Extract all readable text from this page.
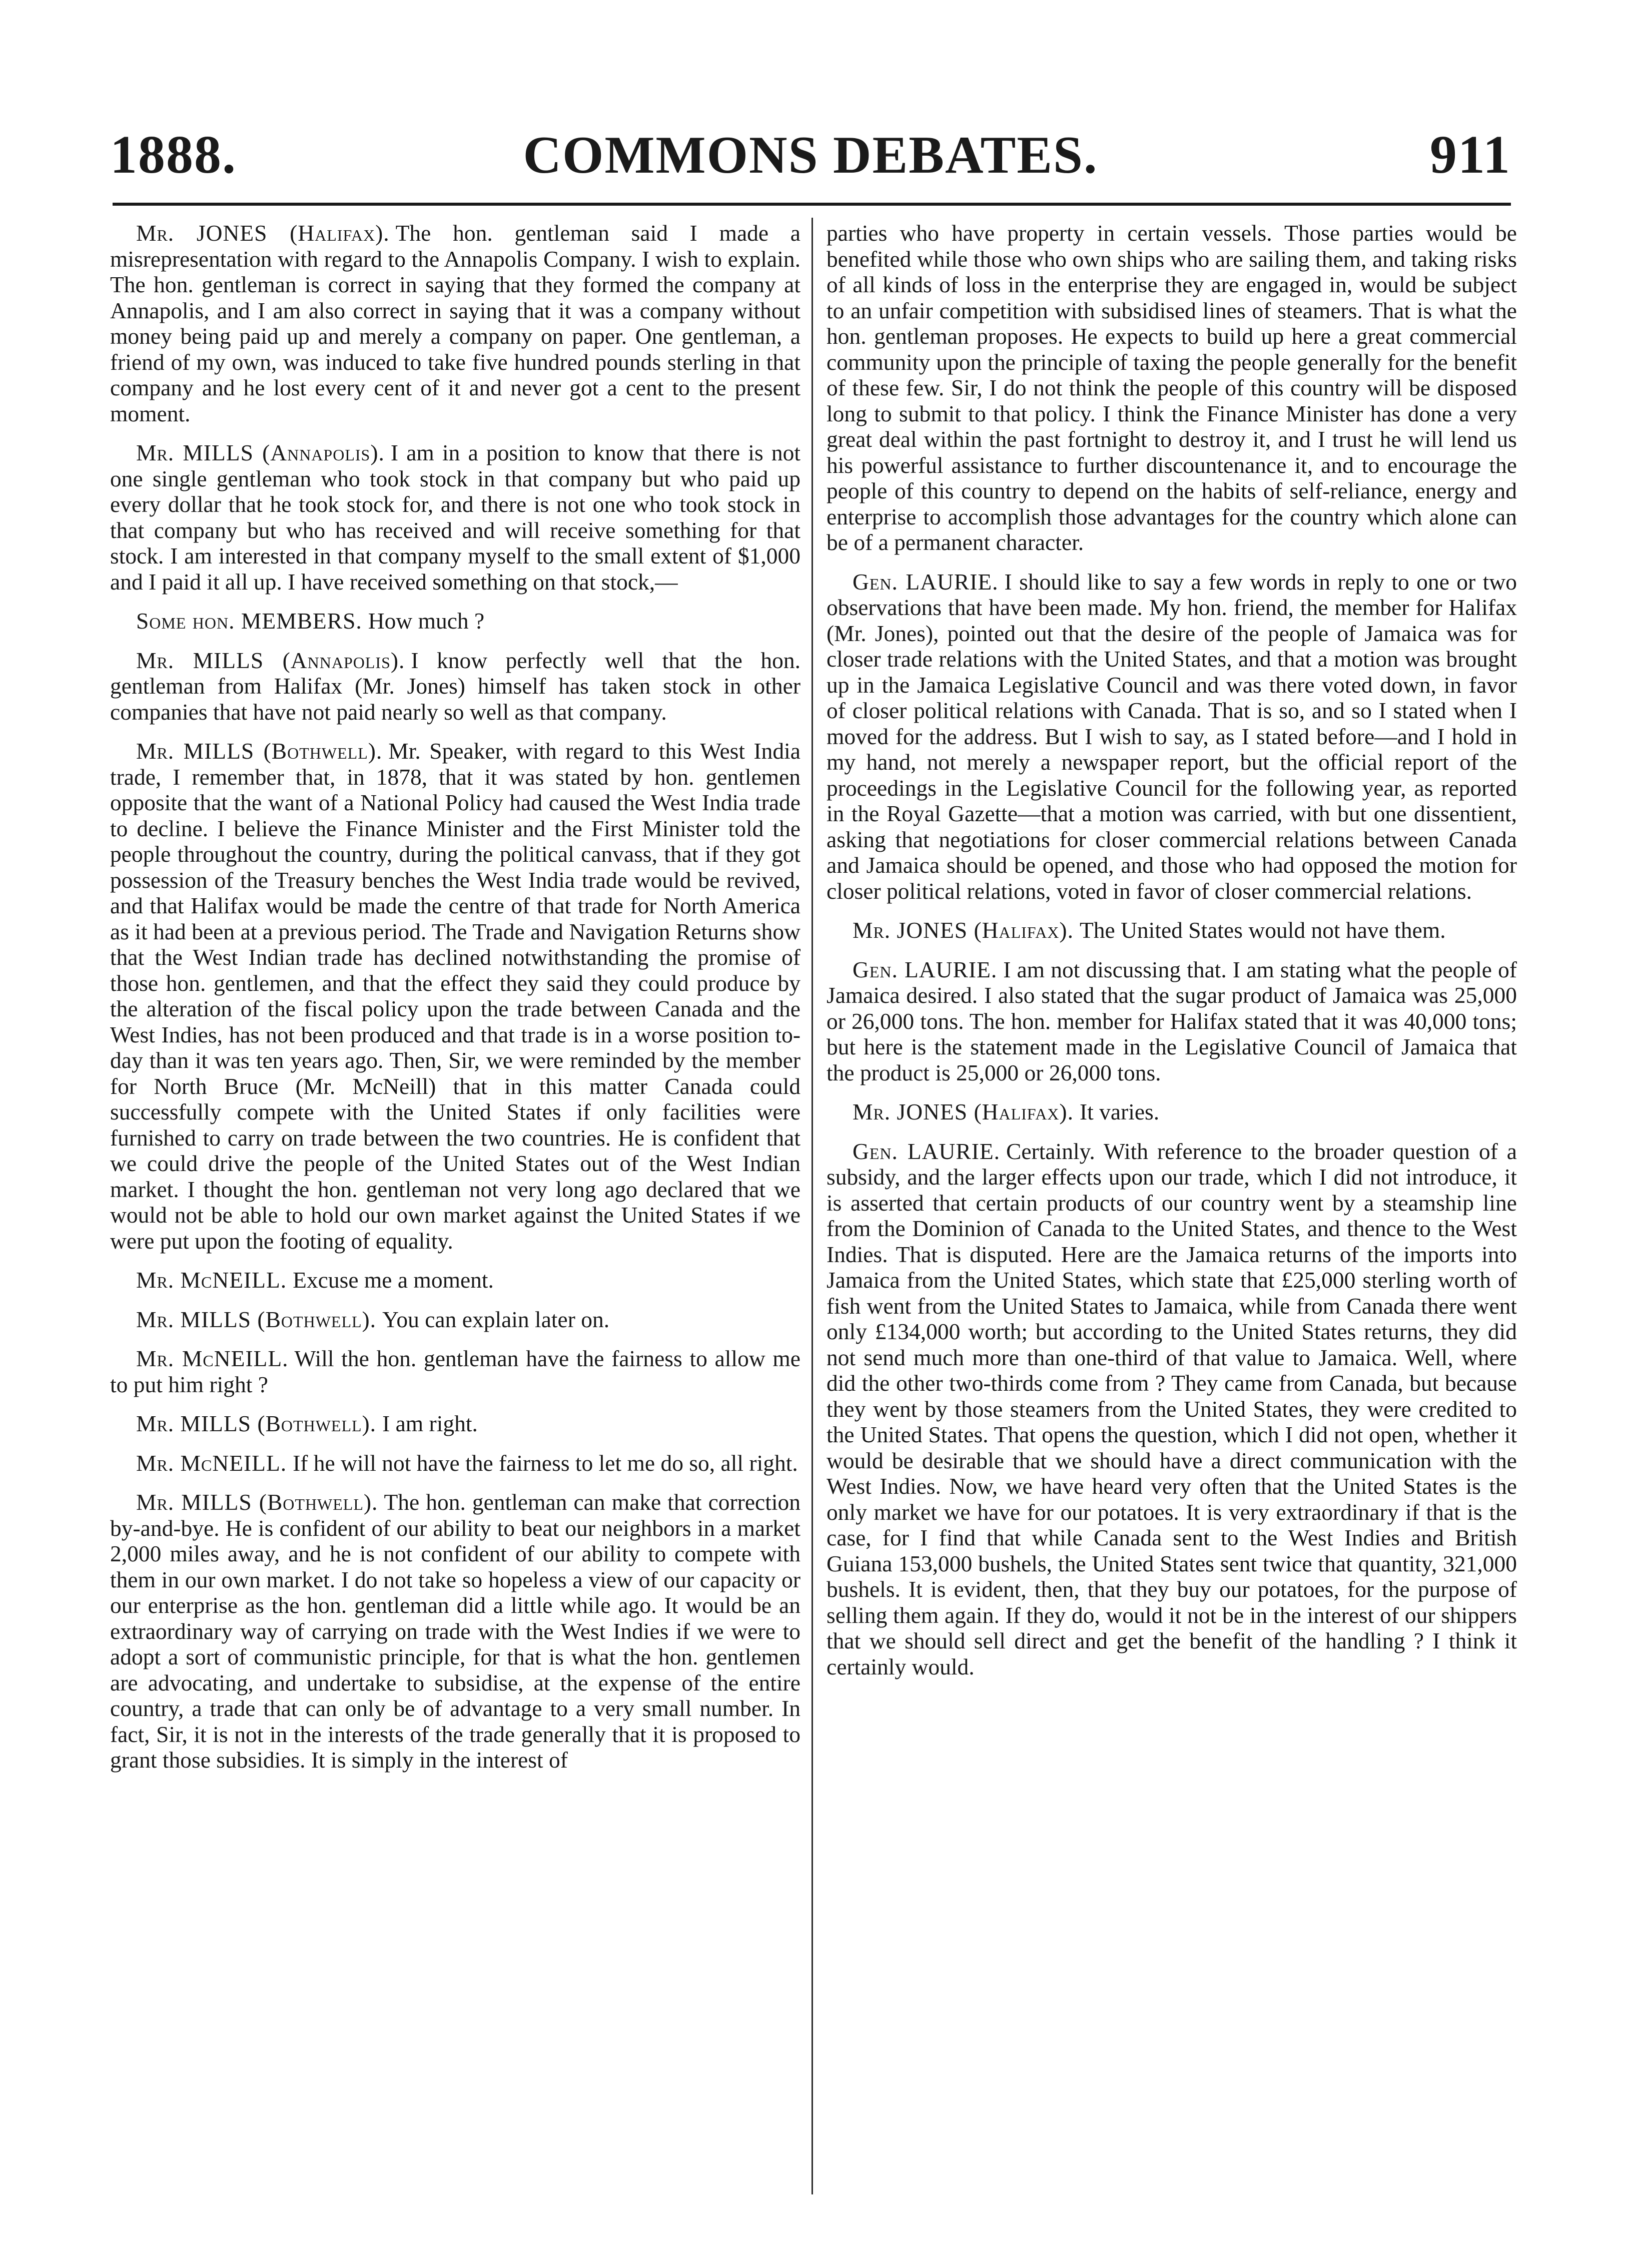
1888.	COMMONS DEBATES.	911

Mr. JONES (Halifax). The hon. gentleman said I made a misrepresentation with regard to the Annapolis Company. I wish to explain. The hon. gentleman is correct in saying that they formed the company at Annapolis, and I am also correct in saying that it was a company without money being paid up and merely a company on paper. One gentleman, a friend of my own, was induced to take five hundred pounds sterling in that company and he lost every cent of it and never got a cent to the present moment.

Mr. MILLS (Annapolis). I am in a position to know that there is not one single gentleman who took stock in that company but who paid up every dollar that he took stock for, and there is not one who took stock in that company but who has received and will receive something for that stock. I am interested in that company myself to the small extent of $1,000 and I paid it all up. I have received something on that stock,—

Some hon. MEMBERS. How much ?

Mr. MILLS (Annapolis). I know perfectly well that the hon. gentleman from Halifax (Mr. Jones) himself has taken stock in other companies that have not paid nearly so well as that company.

Mr. MILLS (Bothwell). Mr. Speaker, with regard to this West India trade, I remember that, in 1878, that it was stated by hon. gentlemen opposite that the want of a National Policy had caused the West India trade to decline. I believe the Finance Minister and the First Minister told the people throughout the country, during the political canvass, that if they got possession of the Treasury benches the West India trade would be revived, and that Halifax would be made the centre of that trade for North America as it had been at a previous period. The Trade and Navigation Returns show that the West Indian trade has declined notwithstanding the promise of those hon. gentlemen, and that the effect they said they could produce by the alteration of the fiscal policy upon the trade between Canada and the West Indies, has not been produced and that trade is in a worse position to-day than it was ten years ago. Then, Sir, we were reminded by the member for North Bruce (Mr. McNeill) that in this matter Canada could successfully compete with the United States if only facilities were furnished to carry on trade between the two countries. He is confident that we could drive the people of the United States out of the West Indian market. I thought the hon. gentleman not very long ago declared that we would not be able to hold our own market against the United States if we were put upon the footing of equality.

Mr. McNEILL. Excuse me a moment.

Mr. MILLS (Bothwell). You can explain later on.

Mr. McNEILL. Will the hon. gentleman have the fairness to allow me to put him right ?

Mr. MILLS (Bothwell). I am right.

Mr. McNEILL. If he will not have the fairness to let me do so, all right.

Mr. MILLS (Bothwell). The hon. gentleman can make that correction by-and-bye. He is confident of our ability to beat our neighbors in a market 2,000 miles away, and he is not confident of our ability to compete with them in our own market. I do not take so hopeless a view of our capacity or our enterprise as the hon. gentleman did a little while ago. It would be an extraordinary way of carrying on trade with the West Indies if we were to adopt a sort of communistic principle, for that is what the hon. gentlemen are advocating, and undertake to subsidise, at the expense of the entire country, a trade that can only be of advantage to a very small number. In fact, Sir, it is not in the interests of the trade generally that it is proposed to grant those subsidies. It is simply in the interest of

parties who have property in certain vessels. Those parties would be benefited while those who own ships who are sailing them, and taking risks of all kinds of loss in the enterprise they are engaged in, would be subject to an unfair competition with subsidised lines of steamers. That is what the hon. gentleman proposes. He expects to build up here a great commercial community upon the principle of taxing the people generally for the benefit of these few. Sir, I do not think the people of this country will be disposed long to submit to that policy. I think the Finance Minister has done a very great deal within the past fortnight to destroy it, and I trust he will lend us his powerful assistance to further discountenance it, and to encourage the people of this country to depend on the habits of self-reliance, energy and enterprise to accomplish those advantages for the country which alone can be of a permanent character.

Gen. LAURIE. I should like to say a few words in reply to one or two observations that have been made. My hon. friend, the member for Halifax (Mr. Jones), pointed out that the desire of the people of Jamaica was for closer trade relations with the United States, and that a motion was brought up in the Jamaica Legislative Council and was there voted down, in favor of closer political relations with Canada. That is so, and so I stated when I moved for the address. But I wish to say, as I stated before—and I hold in my hand, not merely a newspaper report, but the official report of the proceedings in the Legislative Council for the following year, as reported in the Royal Gazette—that a motion was carried, with but one dissentient, asking that negotiations for closer commercial relations between Canada and Jamaica should be opened, and those who had opposed the motion for closer political relations, voted in favor of closer commercial relations.

Mr. JONES (Halifax). The United States would not have them.

Gen. LAURIE. I am not discussing that. I am stating what the people of Jamaica desired. I also stated that the sugar product of Jamaica was 25,000 or 26,000 tons. The hon. member for Halifax stated that it was 40,000 tons; but here is the statement made in the Legislative Council of Jamaica that the product is 25,000 or 26,000 tons.

Mr. JONES (Halifax). It varies.

Gen. LAURIE. Certainly. With reference to the broader question of a subsidy, and the larger effects upon our trade, which I did not introduce, it is asserted that certain products of our country went by a steamship line from the Dominion of Canada to the United States, and thence to the West Indies. That is disputed. Here are the Jamaica returns of the imports into Jamaica from the United States, which state that £25,000 sterling worth of fish went from the United States to Jamaica, while from Canada there went only £134,000 worth; but according to the United States returns, they did not send much more than one-third of that value to Jamaica. Well, where did the other two-thirds come from ? They came from Canada, but because they went by those steamers from the United States, they were credited to the United States. That opens the question, which I did not open, whether it would be desirable that we should have a direct communication with the West Indies. Now, we have heard very often that the United States is the only market we have for our potatoes. It is very extraordinary if that is the case, for I find that while Canada sent to the West Indies and British Guiana 153,000 bushels, the United States sent twice that quantity, 321,000 bushels. It is evident, then, that they buy our potatoes, for the purpose of selling them again. If they do, would it not be in the interest of our shippers that we should sell direct and get the benefit of the handling ? I think it certainly would.
